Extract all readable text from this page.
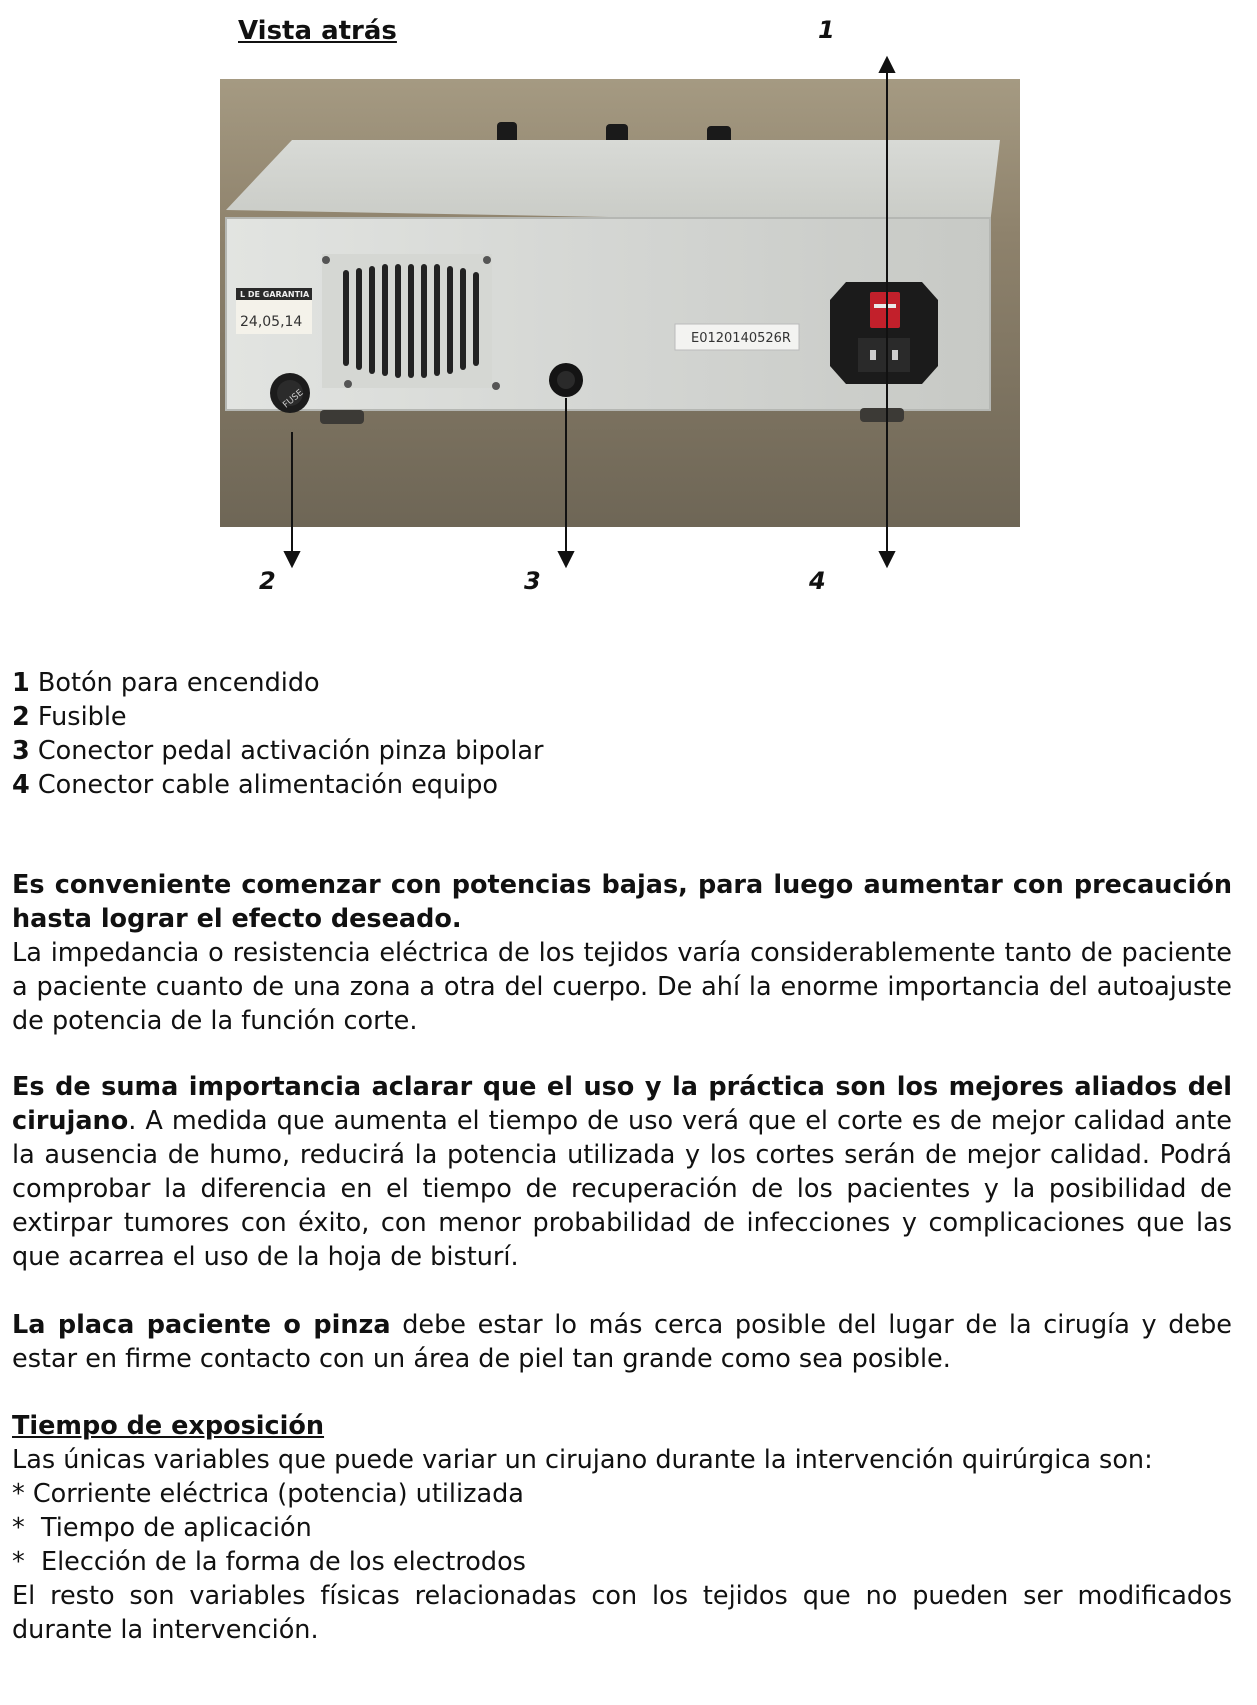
Vista atrás
L DE GARANTIA
24,05,14
FUSE
E0120140526R
1
2	3	4
1 Botón para encendido
2 Fusible
3 Conector pedal activación pinza bipolar
4 Conector cable alimentación equipo

Es conveniente comenzar con potencias bajas, para luego aumentar con precaución hasta lograr el efecto deseado.
La impedancia o resistencia eléctrica de los tejidos varía considerablemente tanto de paciente a paciente cuanto de una zona a otra del cuerpo. De ahí la enorme importancia del autoajuste de potencia de la función corte.

Es de suma importancia aclarar que el uso y la práctica son los mejores aliados del cirujano. A medida que aumenta el tiempo de uso verá que el corte es de mejor calidad ante la ausencia de humo, reducirá la potencia utilizada y los cortes serán de mejor calidad. Podrá comprobar la diferencia en el tiempo de recuperación de los pacientes y la posibilidad de extirpar tumores con éxito, con menor probabilidad de infecciones y complicaciones que las que acarrea el uso de la hoja de bisturí.

La placa paciente o pinza debe estar lo más cerca posible del lugar de la cirugía y debe estar en firme contacto con un área de piel tan grande como sea posible.

Tiempo de exposición
Las únicas variables que puede variar un cirujano durante la intervención quirúrgica son:
* Corriente eléctrica (potencia) utilizada
*  Tiempo de aplicación
*  Elección de la forma de los electrodos
El resto son variables físicas relacionadas con los tejidos que no pueden ser modificados durante la intervención.
